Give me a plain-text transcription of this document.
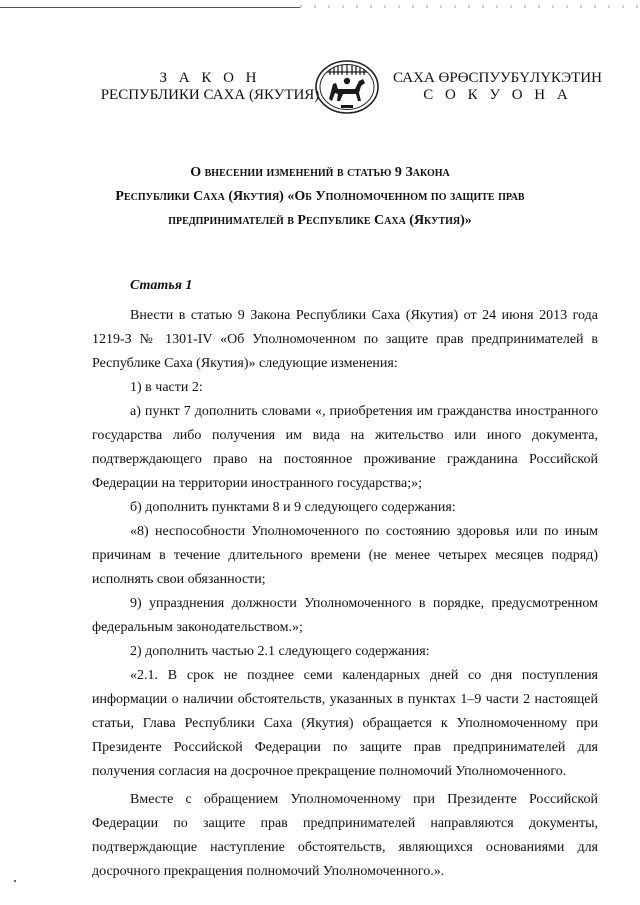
З А К О Н
РЕСПУБЛИКИ САХА (ЯКУТИЯ)
САХА ӨРӨСПУУБҮЛҮКЭТИН
С О К У О Н А
О внесении изменений в статью 9 Закона
Республики Саха (Якутия) «Об Уполномоченном по защите прав
предпринимателей в Республике Саха (Якутия)»

Статья 1

Внести в статью 9 Закона Республики Саха (Якутия) от 24 июня 2013 года 1219-З № 1301-IV «Об Уполномоченном по защите прав предпринимателей в Республике Саха (Якутия)» следующие изменения:

1) в части 2:

а) пункт 7 дополнить словами «, приобретения им гражданства иностранного государства либо получения им вида на жительство или иного документа, подтверждающего право на постоянное проживание гражданина Российской Федерации на территории иностранного государства;»;

б) дополнить пунктами 8 и 9 следующего содержания:

«8) неспособности Уполномоченного по состоянию здоровья или по иным причинам в течение длительного времени (не менее четырех месяцев подряд) исполнять свои обязанности;

9) упразднения должности Уполномоченного в порядке, предусмотренном федеральным законодательством.»;

2) дополнить частью 2.1 следующего содержания:

«2.1. В срок не позднее семи календарных дней со дня поступления информации о наличии обстоятельств, указанных в пунктах 1–9 части 2 настоящей статьи, Глава Республики Саха (Якутия) обращается к Уполномоченному при Президенте Российской Федерации по защите прав предпринимателей для получения согласия на досрочное прекращение полномочий Уполномоченного.

Вместе с обращением Уполномоченному при Президенте Российской Федерации по защите прав предпринимателей направляются документы, подтверждающие наступление обстоятельств, являющихся основаниями для досрочного прекращения полномочий Уполномоченного.».
